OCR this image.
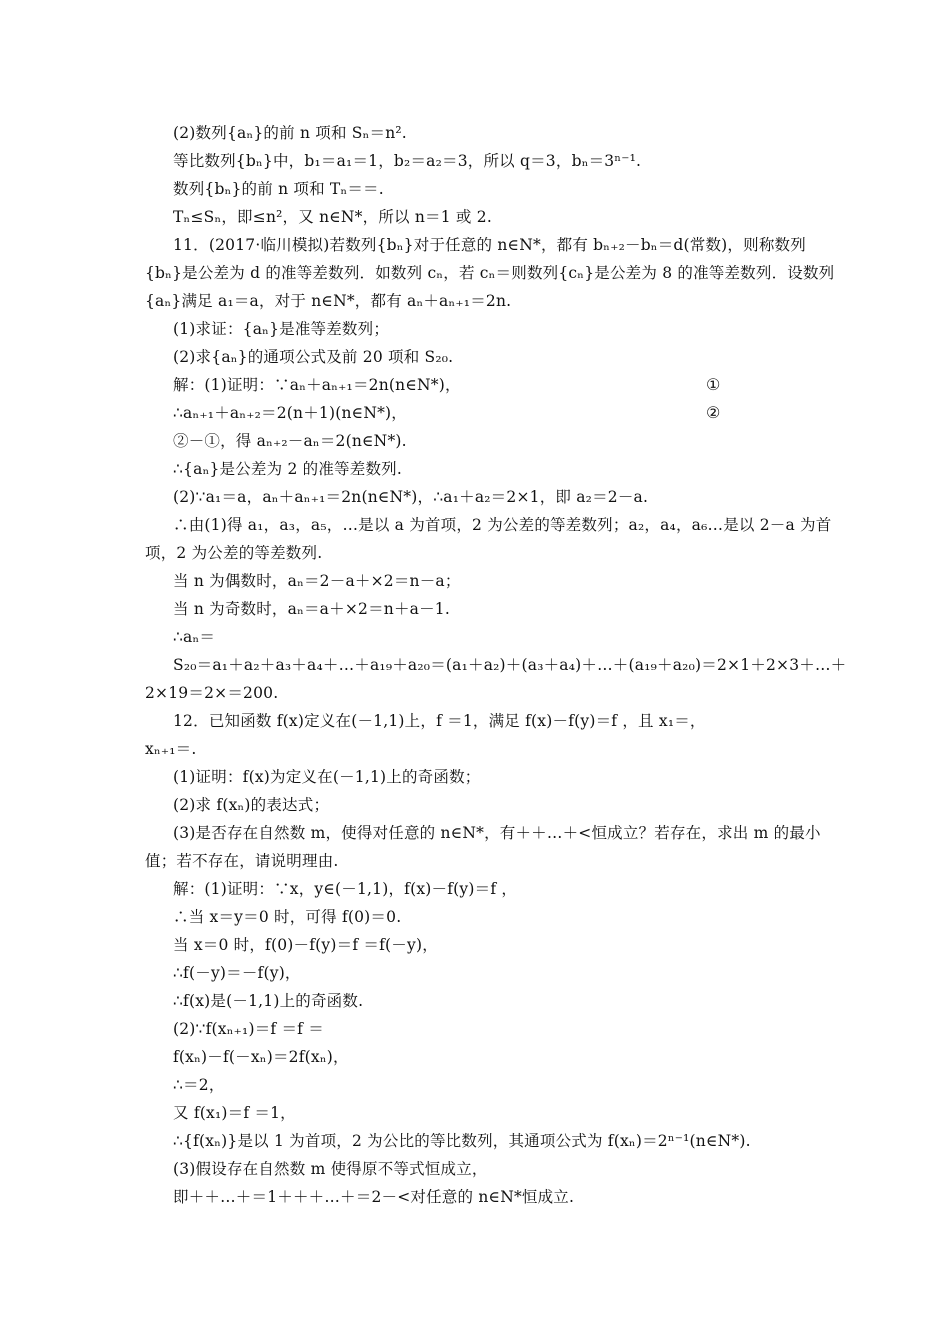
(2)数列{aₙ}的前 n 项和 Sₙ＝n².
等比数列{bₙ}中，b₁＝a₁＝1，b₂＝a₂＝3，所以 q＝3，bₙ＝3ⁿ⁻¹.
数列{bₙ}的前 n 项和 Tₙ＝＝.
Tₙ≤Sₙ，即≤n²，又 n∈N*，所以 n＝1 或 2.
11．(2017·临川模拟)若数列{bₙ}对于任意的 n∈N*，都有 bₙ₊₂－bₙ＝d(常数)，则称数列
{bₙ}是公差为 d 的准等差数列．如数列 cₙ，若 cₙ＝则数列{cₙ}是公差为 8 的准等差数列．设数列
{aₙ}满足 a₁＝a，对于 n∈N*，都有 aₙ＋aₙ₊₁＝2n.
(1)求证：{aₙ}是准等差数列；
(2)求{aₙ}的通项公式及前 20 项和 S₂₀.
解：(1)证明：∵aₙ＋aₙ₊₁＝2n(n∈N*)，	①
∴aₙ₊₁＋aₙ₊₂＝2(n＋1)(n∈N*)，	②
②－①，得 aₙ₊₂－aₙ＝2(n∈N*).
∴{aₙ}是公差为 2 的准等差数列.
(2)∵a₁＝a，aₙ＋aₙ₊₁＝2n(n∈N*)，∴a₁＋a₂＝2×1，即 a₂＝2－a.
∴由(1)得 a₁，a₃，a₅，…是以 a 为首项，2 为公差的等差数列；a₂，a₄，a₆…是以 2－a 为首
项，2 为公差的等差数列.
当 n 为偶数时，aₙ＝2－a＋×2＝n－a；
当 n 为奇数时，aₙ＝a＋×2＝n＋a－1.
∴aₙ＝
S₂₀＝a₁＋a₂＋a₃＋a₄＋…＋a₁₉＋a₂₀＝(a₁＋a₂)＋(a₃＋a₄)＋…＋(a₁₉＋a₂₀)＝2×1＋2×3＋…＋
2×19＝2×＝200.
12．已知函数 f(x)定义在(－1,1)上，f ＝1，满足 f(x)－f(y)＝f ，且 x₁＝，
xₙ₊₁＝.
(1)证明：f(x)为定义在(－1,1)上的奇函数；
(2)求 f(xₙ)的表达式；
(3)是否存在自然数 m，使得对任意的 n∈N*，有＋＋…＋<恒成立？若存在，求出 m 的最小
值；若不存在，请说明理由.
解：(1)证明：∵x，y∈(－1,1)，f(x)－f(y)＝f ，
∴当 x＝y＝0 时，可得 f(0)＝0.
当 x＝0 时，f(0)－f(y)＝f ＝f(－y)，
∴f(－y)＝－f(y)，
∴f(x)是(－1,1)上的奇函数.
(2)∵f(xₙ₊₁)＝f ＝f ＝
f(xₙ)－f(－xₙ)＝2f(xₙ)，
∴＝2，
又 f(x₁)＝f ＝1，
∴{f(xₙ)}是以 1 为首项，2 为公比的等比数列，其通项公式为 f(xₙ)＝2ⁿ⁻¹(n∈N*).
(3)假设存在自然数 m 使得原不等式恒成立，
即＋＋…＋＝1＋＋＋…＋＝2－<对任意的 n∈N*恒成立.
